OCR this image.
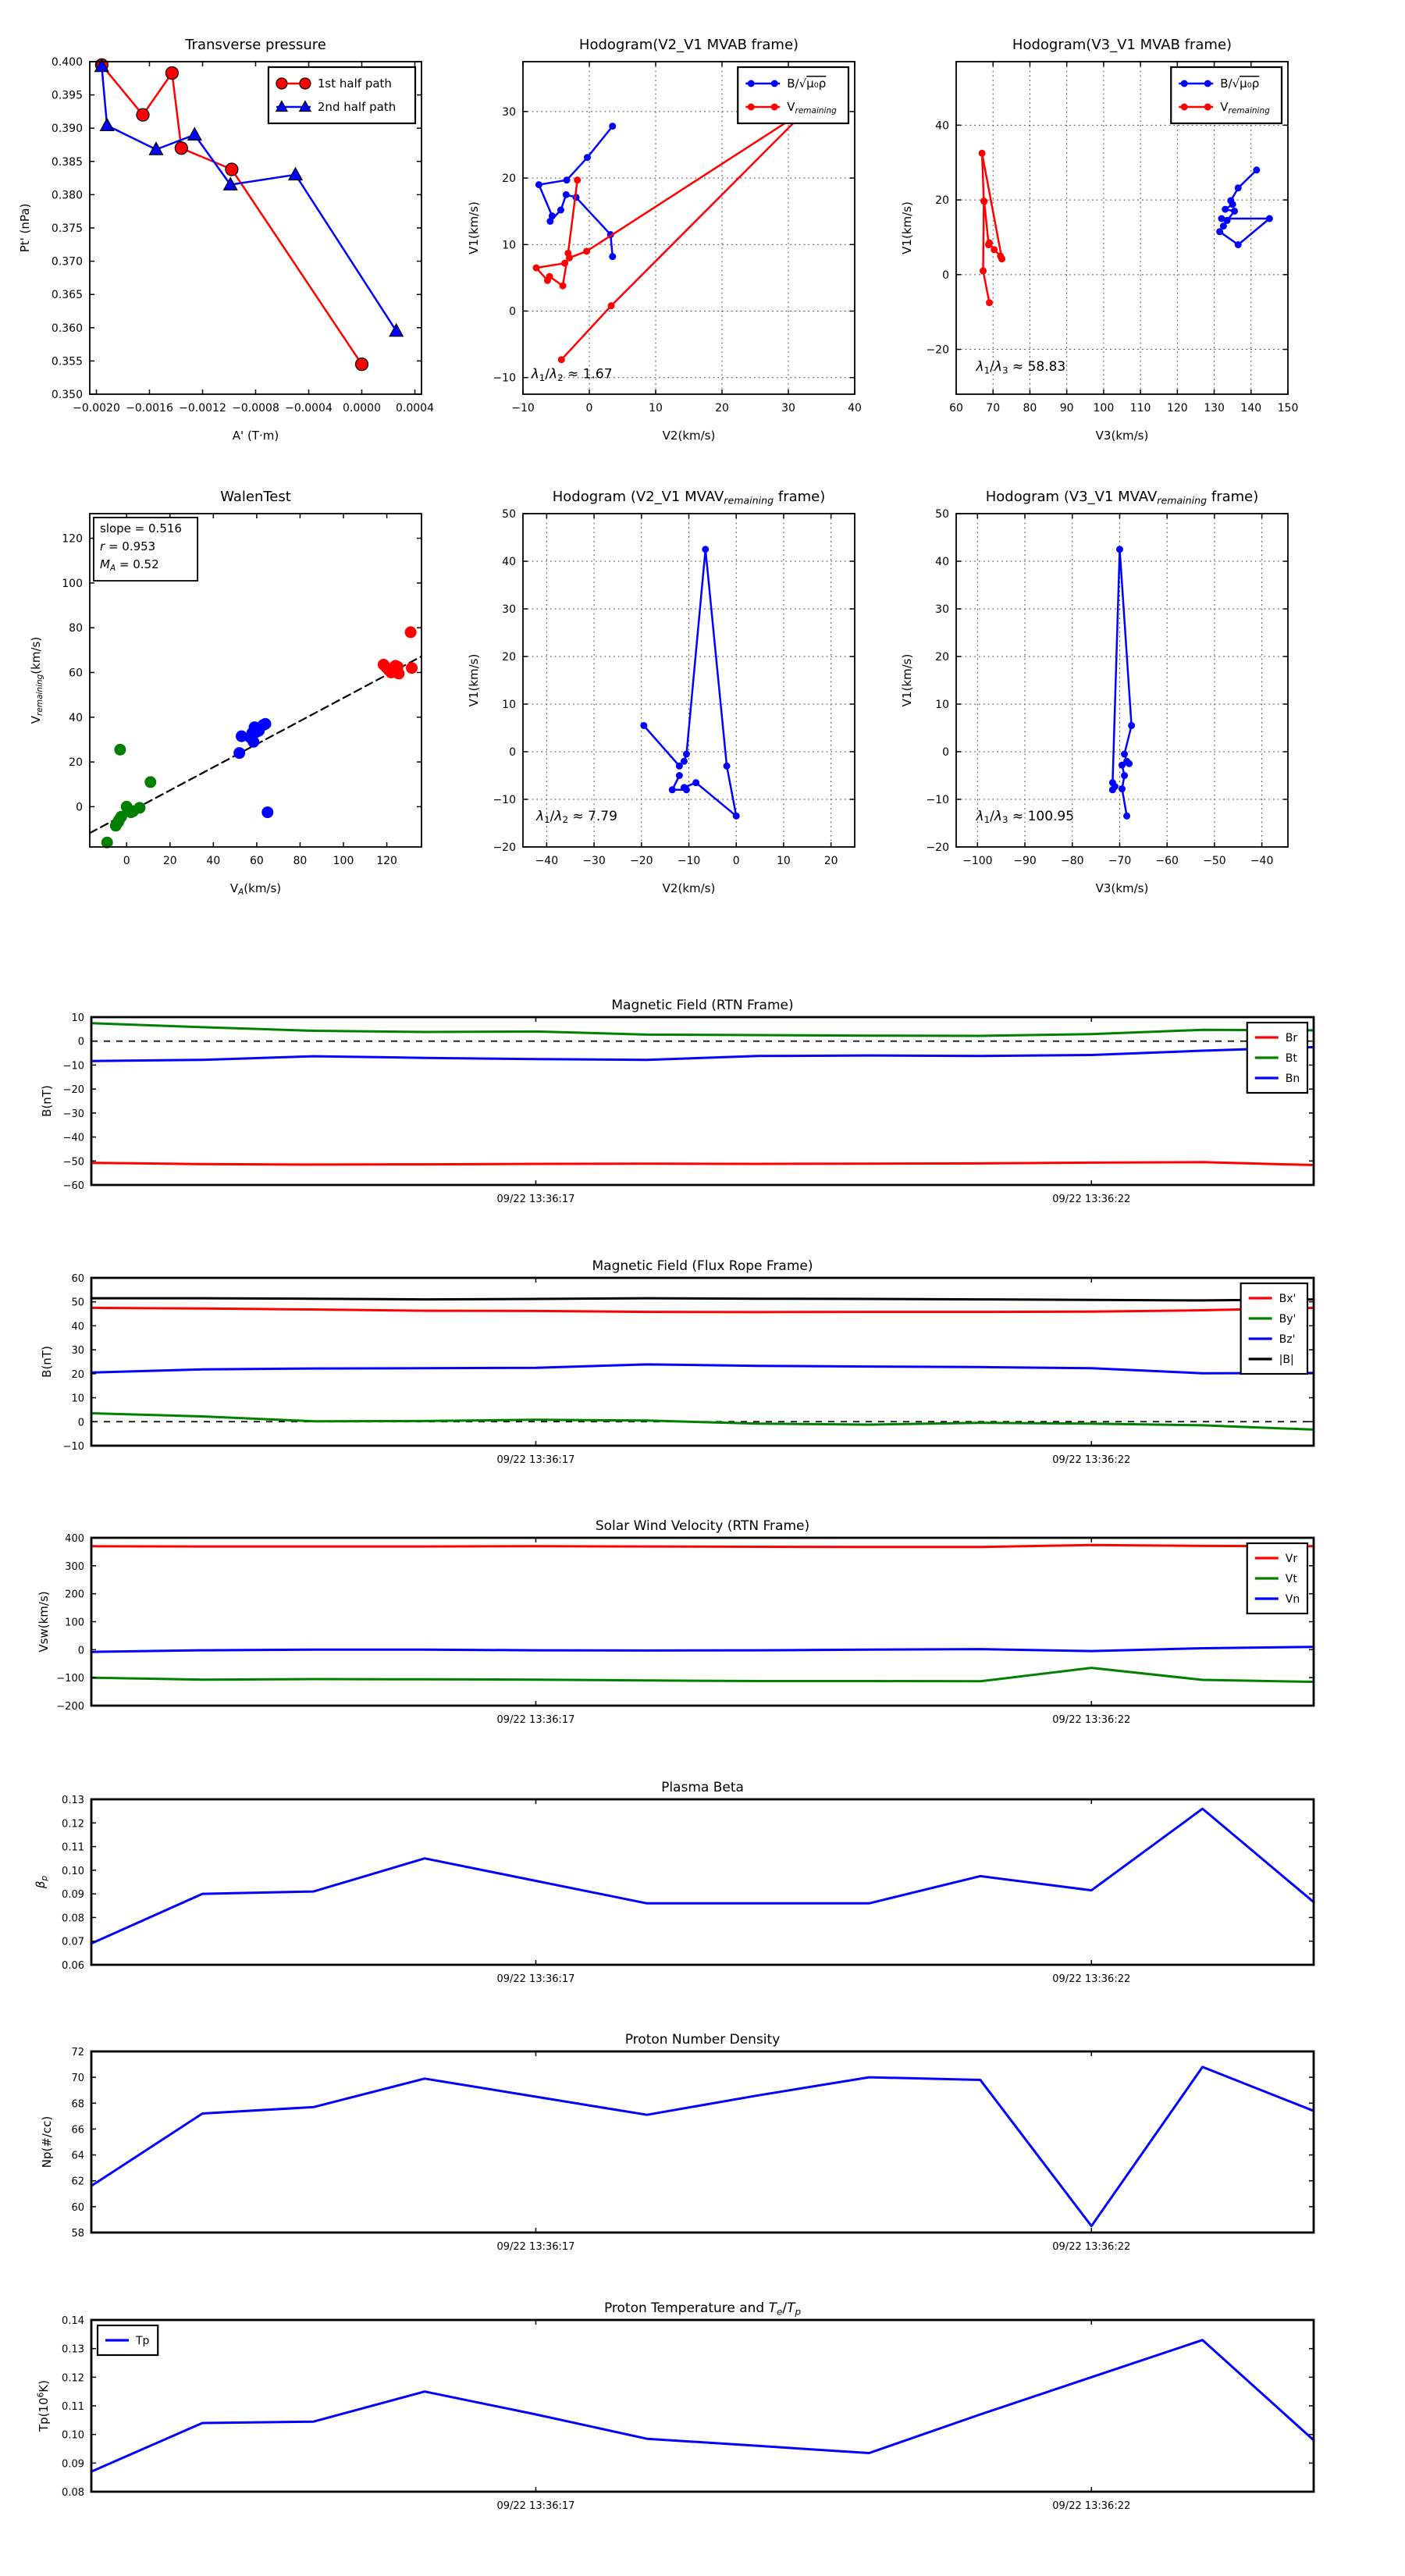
−0.0020 −0.0016 −0.0012 −0.0008 −0.0004 0.0000 0.0004
0.350
0.355
0.360
0.365
0.370
0.375
0.380
0.385
0.390
0.395
0.400
Transverse pressure
A' (T·m)
Pt' (nPa)
1st half path
2nd half path
−10	0	10	20	30	40
−10
0
10
20
30
Hodogram(V2_V1 MVAB frame)
V2(km/s)
V1(km/s)
$\lambda_1/\lambda_2 \approx 1.67$
B/√μ₀ρ
$V_{remaining}$
60 70 80 90 100 110 120 130 140 150
−20
0
20
40
Hodogram(V3_V1 MVAB frame)
V3(km/s)
V1(km/s)
$\lambda_1/\lambda_3 \approx 58.83$
B/√μ₀ρ
$V_{remaining}$
0	20	40	60	80 100 120
0
20
40
60
80
100
120
WalenTest
$V_A(km/s)$
$V_{remaining}(km/s)$
slope = 0.516
r = 0.953
$M_A = 0.52$
−40 −30 −20 −10	0	10	20
−20
−10
0
10
20
30
40
50
Hodogram (V2_V1 $MVAV_{remaining}$ frame)
V2(km/s)
V1(km/s)
$\lambda_1/\lambda_2 \approx 7.79$
−100 −90 −80 −70 −60 −50 −40
−20
−10
0
10
20
30
40
50
Hodogram (V3_V1 $MVAV_{remaining}$ frame)
V3(km/s)
V1(km/s)
$\lambda_1/\lambda_3 \approx 100.95$
09/22 13:36:17	09/22 13:36:22
−60
−50
−40
−30
−20
−10
0
10
Magnetic Field (RTN Frame)
B(nT)
Br
Bt
Bn
09/22 13:36:17	09/22 13:36:22
−10
0
10
20
30
40
50
60
Magnetic Field (Flux Rope Frame)
B(nT)
Bx'
By'
Bz'
|B|
09/22 13:36:17	09/22 13:36:22
−200
−100
0
100
200
300
400
Solar Wind Velocity (RTN Frame)
Vsw(km/s)
Vr
Vt
Vn
09/22 13:36:17	09/22 13:36:22
0.06
0.07
0.08
0.09
0.10
0.11
0.12
0.13
Plasma Beta
$\beta_p$
09/22 13:36:17	09/22 13:36:22
58
60
62
64
66
68
70
72
Proton Number Density
Np(#/cc)
09/22 13:36:17	09/22 13:36:22
0.08
0.09
0.10
0.11
0.12
0.13
0.14
Proton Temperature and $T_e/T_p$
$Tp(10^6K)$
Tp
